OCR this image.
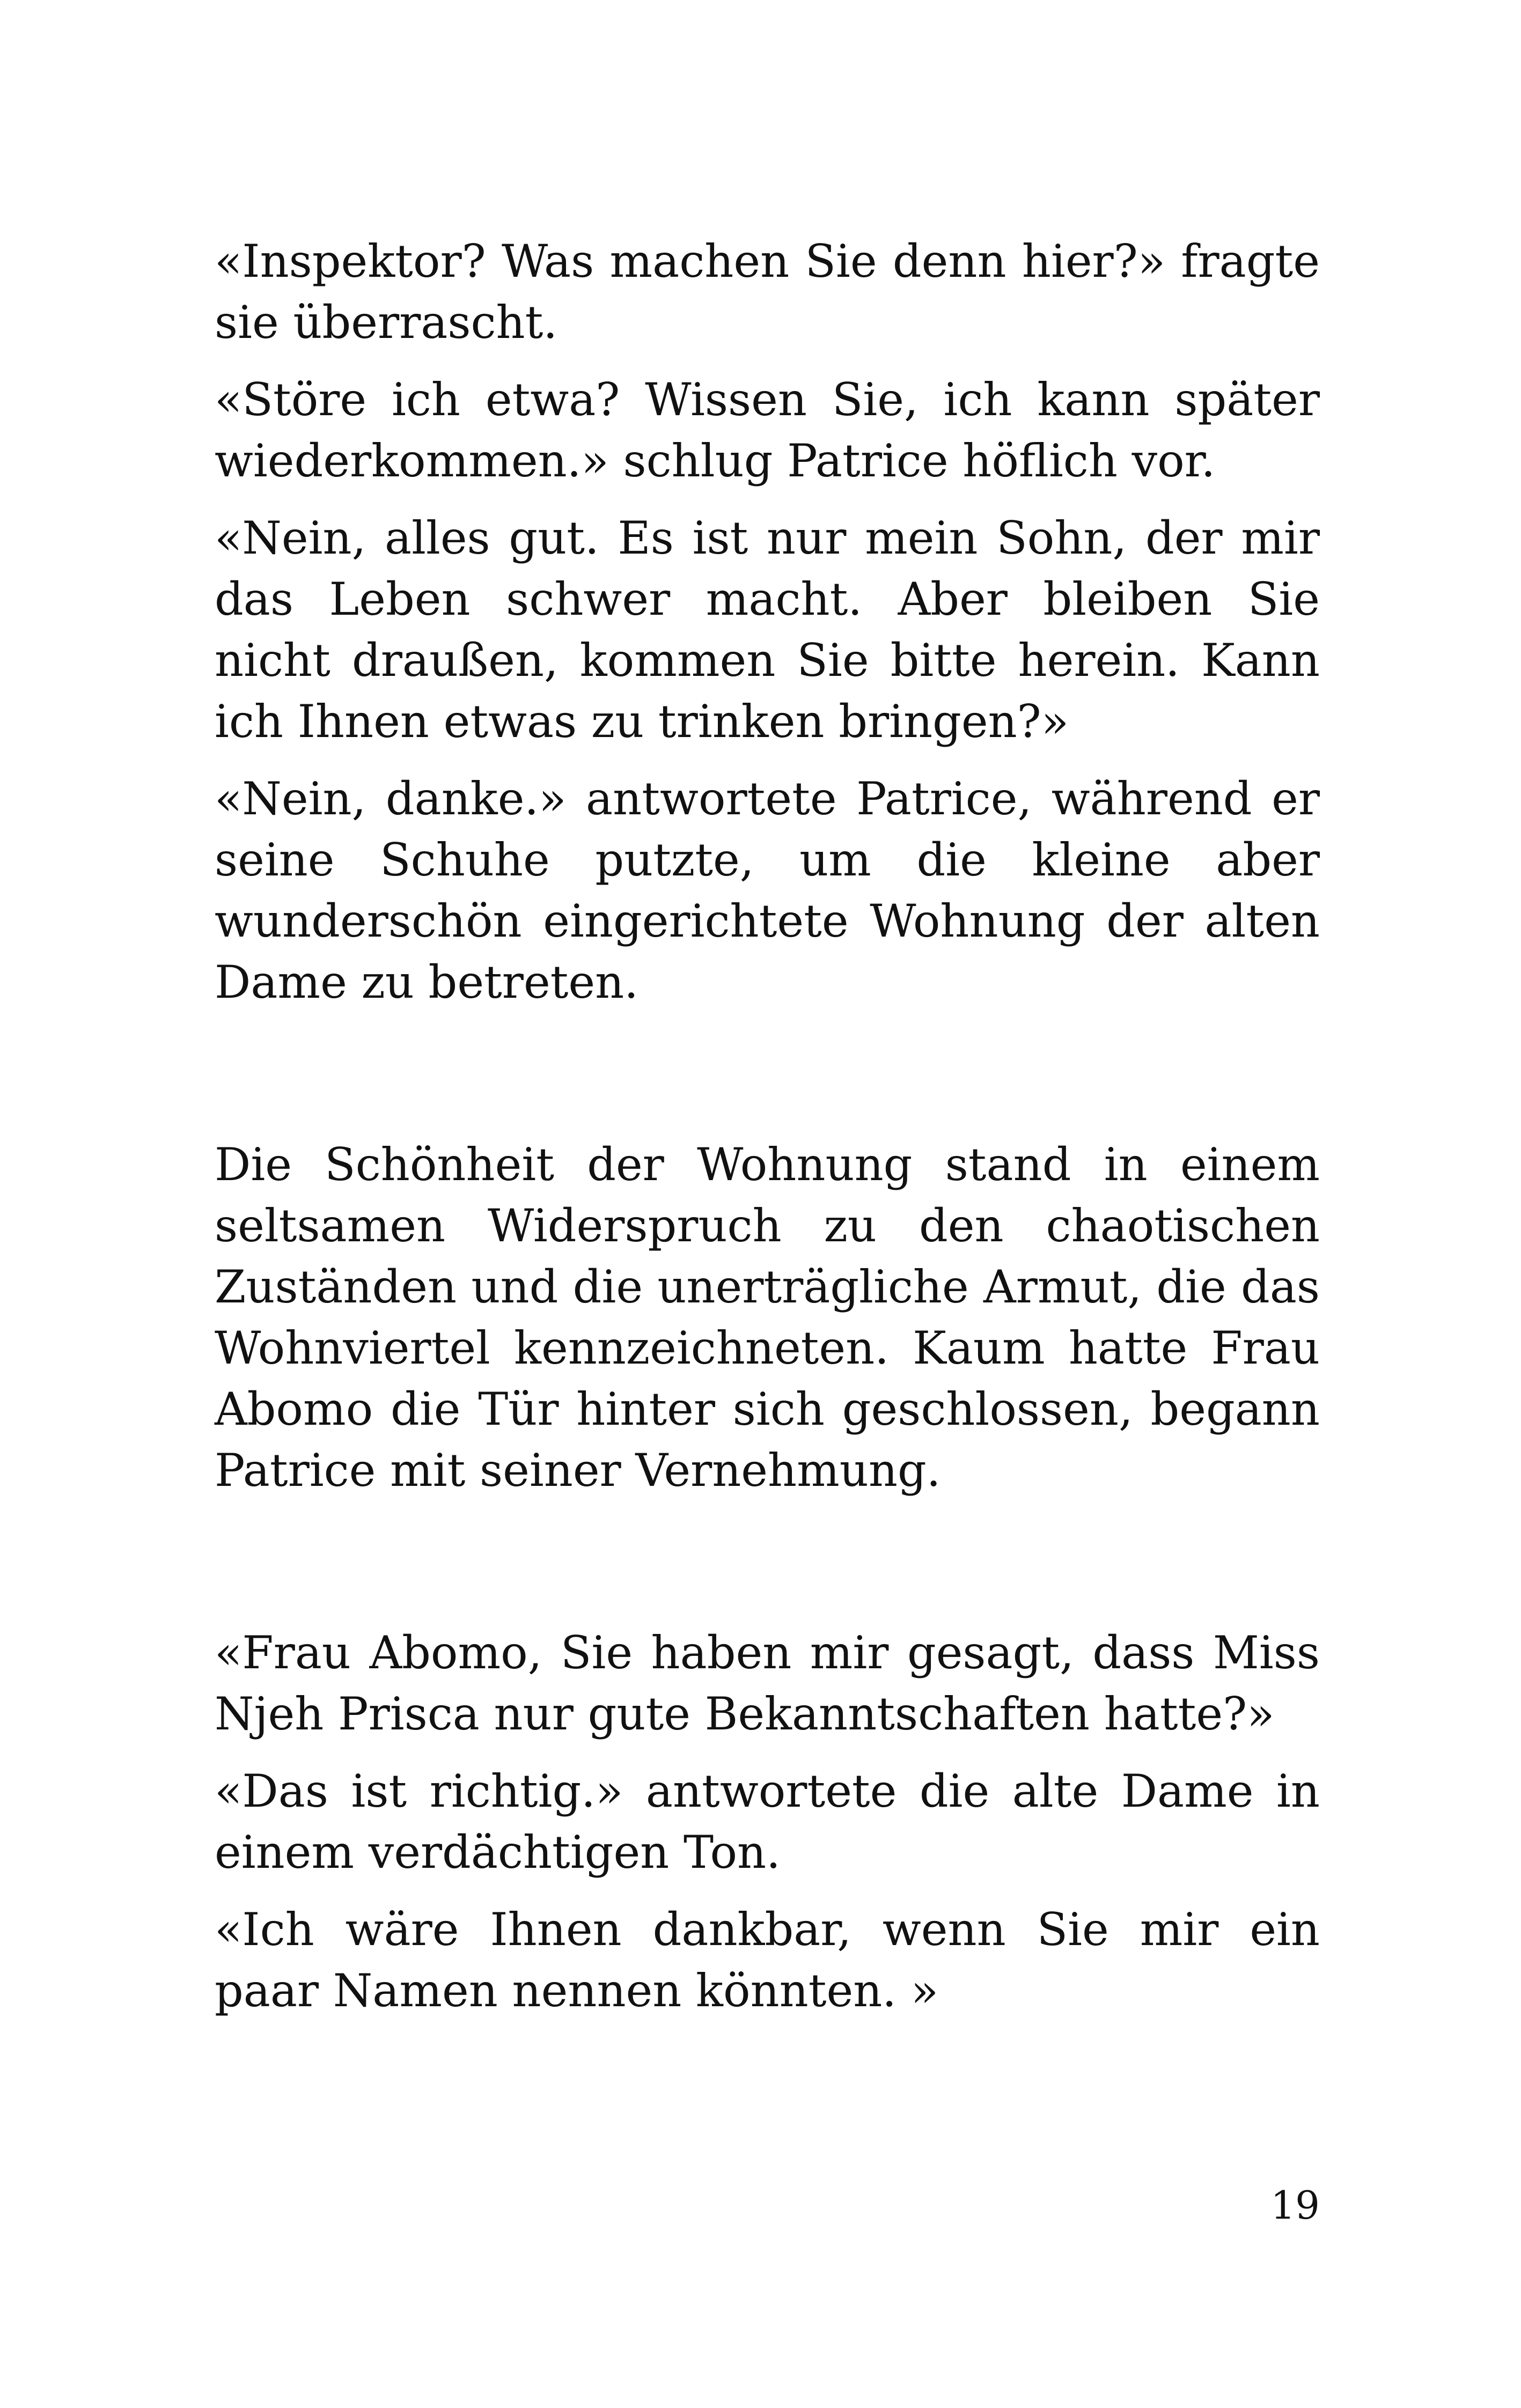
«Inspektor? Was machen Sie denn hier?» fragte sie überrascht.

«Störe ich etwa? Wissen Sie, ich kann später wiederkommen.» schlug Patrice höflich vor.

«Nein, alles gut. Es ist nur mein Sohn, der mir das Leben schwer macht. Aber bleiben Sie nicht draußen, kommen Sie bitte herein. Kann ich Ihnen etwas zu trinken bringen?»

«Nein, danke.» antwortete Patrice, während er seine Schuhe putzte, um die kleine aber wunderschön eingerichtete Wohnung der alten Dame zu betreten.

Die Schönheit der Wohnung stand in einem seltsamen Widerspruch zu den chaotischen Zuständen und die unerträgliche Armut, die das Wohnviertel kennzeichneten. Kaum hatte Frau Abomo die Tür hinter sich geschlossen, begann Patrice mit seiner Vernehmung.

«Frau Abomo, Sie haben mir gesagt, dass Miss Njeh Prisca nur gute Bekanntschaften hatte?»

«Das ist richtig.» antwortete die alte Dame in einem verdächtigen Ton.

«Ich wäre Ihnen dankbar, wenn Sie mir ein paar Namen nennen könnten. »

19
